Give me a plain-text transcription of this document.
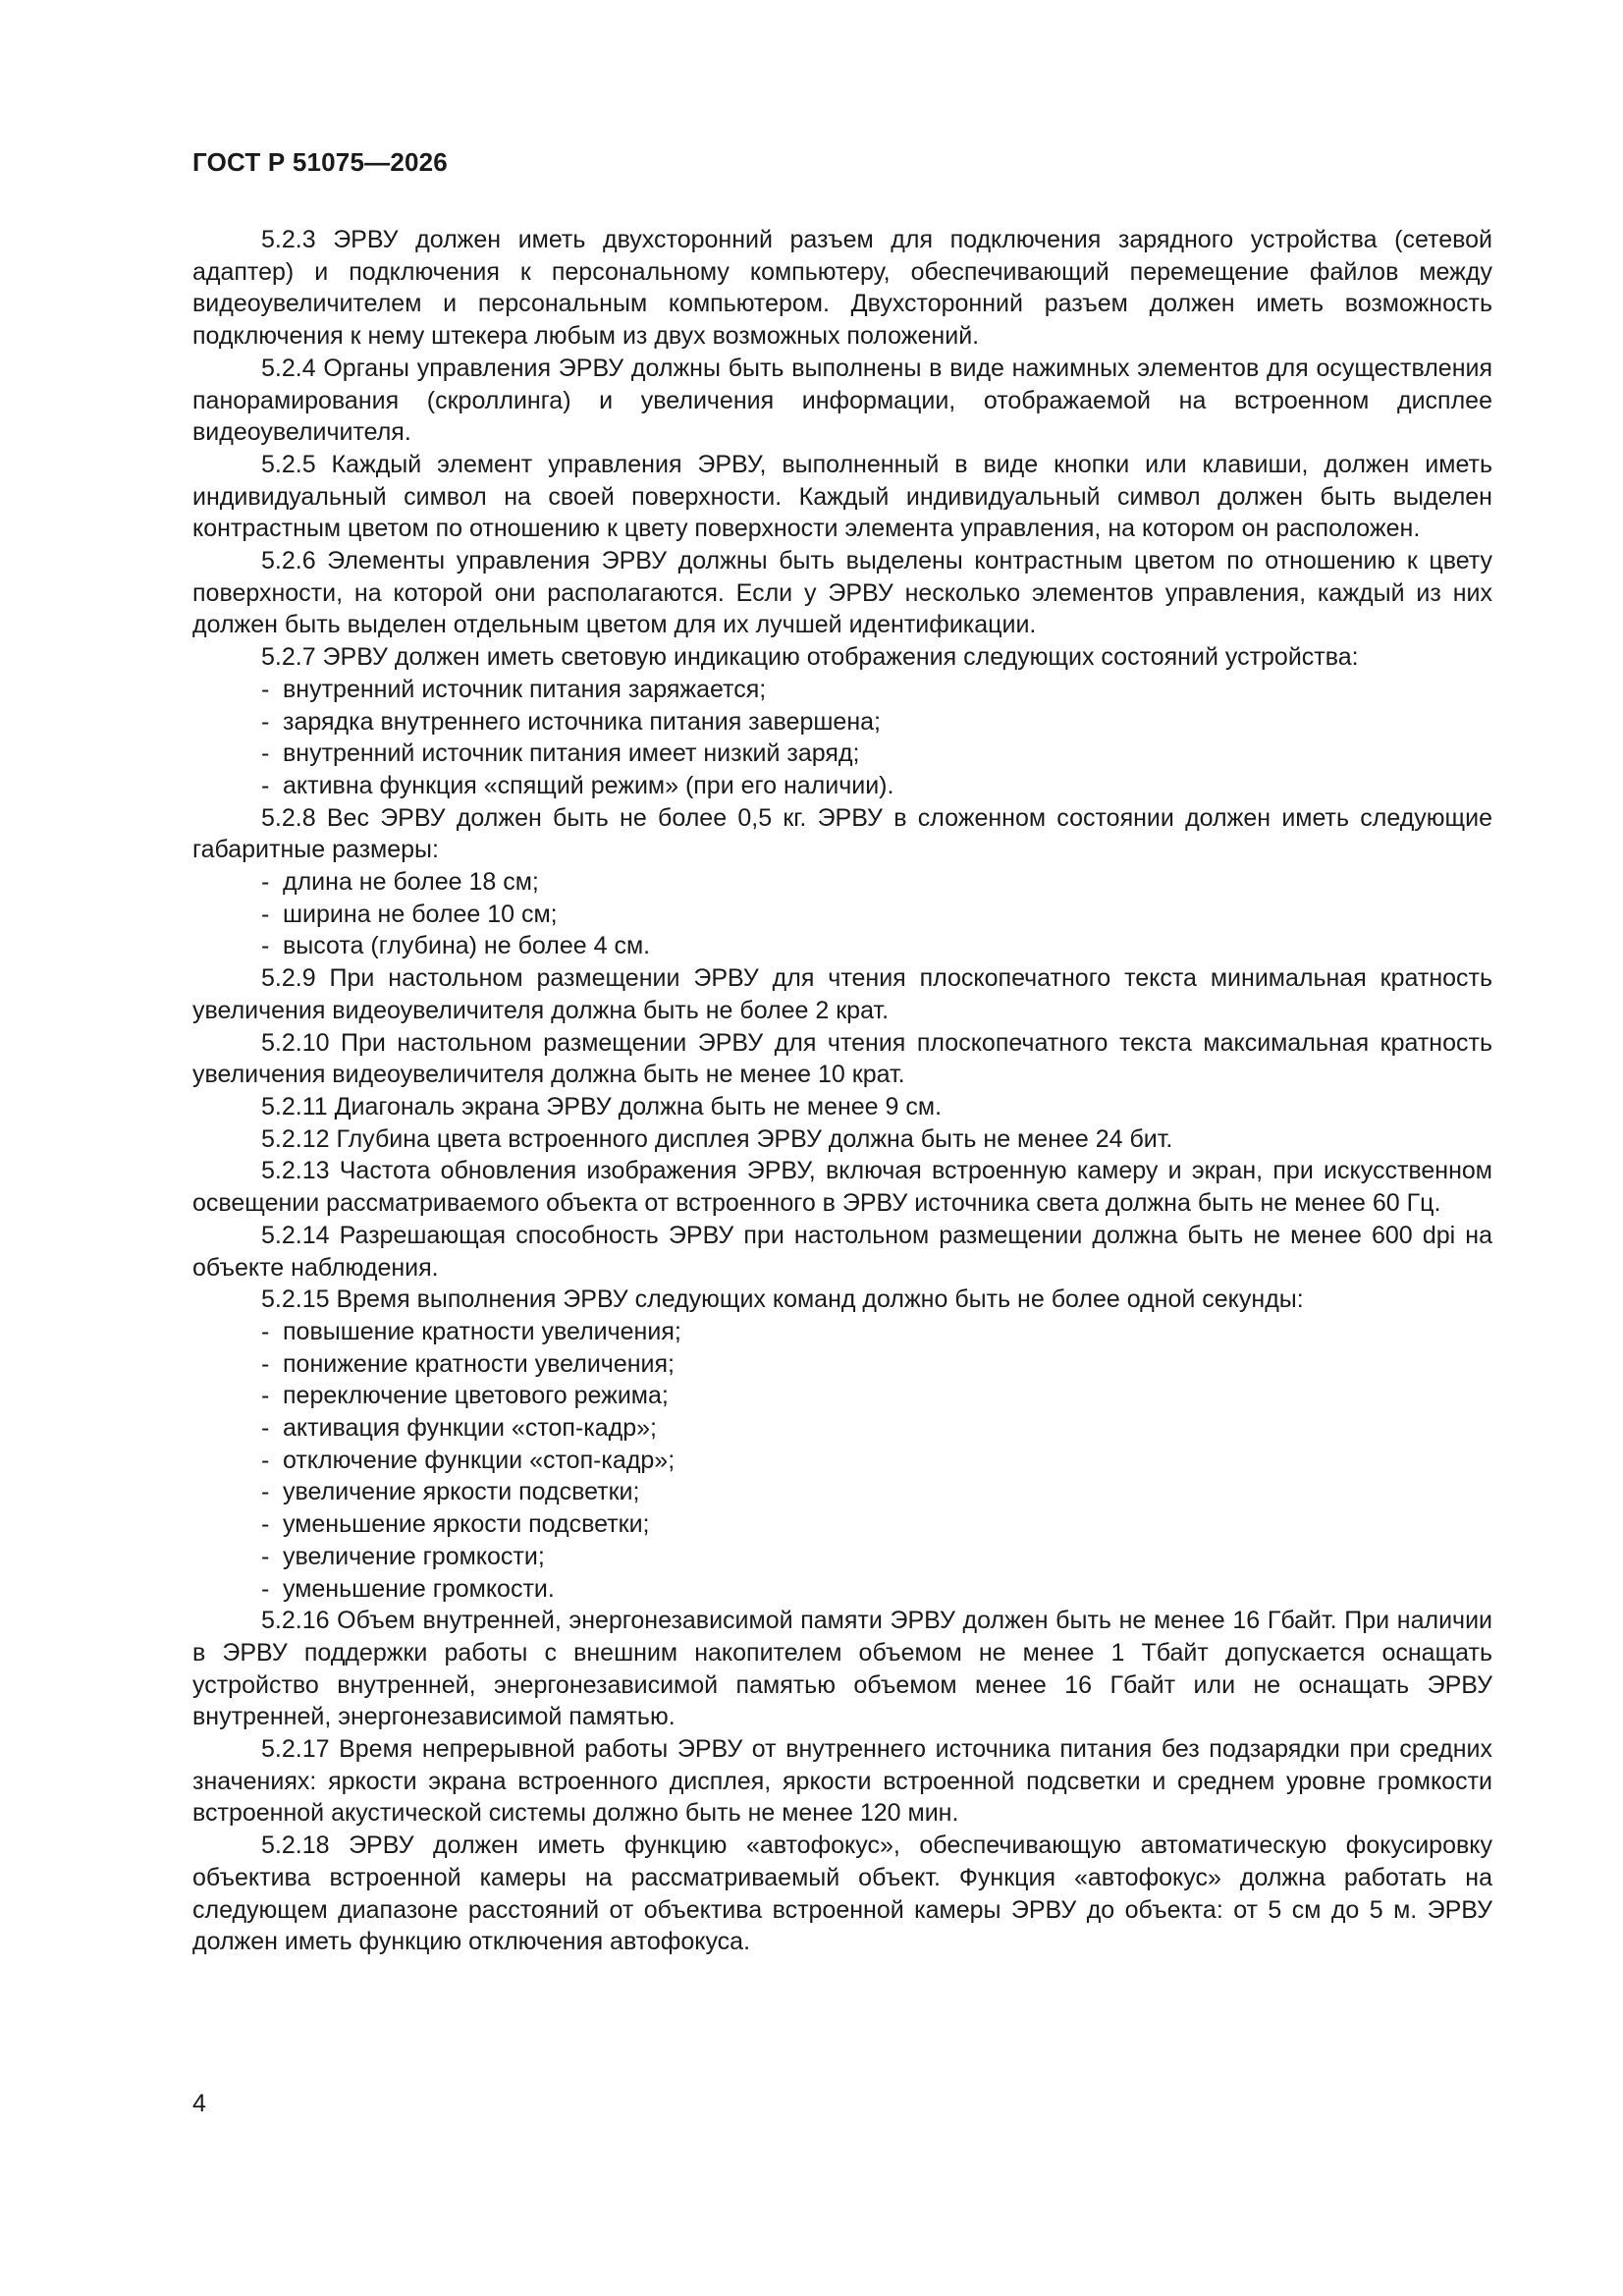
ГОСТ Р 51075—2026
5.2.3 ЭРВУ должен иметь двухсторонний разъем для подключения зарядного устройства (сетевой адаптер) и подключения к персональному компьютеру, обеспечивающий перемещение файлов между видеоувеличителем и персональным компьютером. Двухсторонний разъем должен иметь возможность подключения к нему штекера любым из двух возможных положений.
5.2.4 Органы управления ЭРВУ должны быть выполнены в виде нажимных элементов для осуществления панорамирования (скроллинга) и увеличения информации, отображаемой на встроенном дисплее видеоувеличителя.
5.2.5 Каждый элемент управления ЭРВУ, выполненный в виде кнопки или клавиши, должен иметь индивидуальный символ на своей поверхности. Каждый индивидуальный символ должен быть выделен контрастным цветом по отношению к цвету поверхности элемента управления, на котором он расположен.
5.2.6 Элементы управления ЭРВУ должны быть выделены контрастным цветом по отношению к цвету поверхности, на которой они располагаются. Если у ЭРВУ несколько элементов управления, каждый из них должен быть выделен отдельным цветом для их лучшей идентификации.
5.2.7 ЭРВУ должен иметь световую индикацию отображения следующих состояний устройства:
- внутренний источник питания заряжается;
- зарядка внутреннего источника питания завершена;
- внутренний источник питания имеет низкий заряд;
- активна функция «спящий режим» (при его наличии).
5.2.8 Вес ЭРВУ должен быть не более 0,5 кг. ЭРВУ в сложенном состоянии должен иметь следующие габаритные размеры:
- длина не более 18 см;
- ширина не более 10 см;
- высота (глубина) не более 4 см.
5.2.9 При настольном размещении ЭРВУ для чтения плоскопечатного текста минимальная кратность увеличения видеоувеличителя должна быть не более 2 крат.
5.2.10 При настольном размещении ЭРВУ для чтения плоскопечатного текста максимальная кратность увеличения видеоувеличителя должна быть не менее 10 крат.
5.2.11 Диагональ экрана ЭРВУ должна быть не менее 9 см.
5.2.12 Глубина цвета встроенного дисплея ЭРВУ должна быть не менее 24 бит.
5.2.13 Частота обновления изображения ЭРВУ, включая встроенную камеру и экран, при искусственном освещении рассматриваемого объекта от встроенного в ЭРВУ источника света должна быть не менее 60 Гц.
5.2.14 Разрешающая способность ЭРВУ при настольном размещении должна быть не менее 600 dpi на объекте наблюдения.
5.2.15 Время выполнения ЭРВУ следующих команд должно быть не более одной секунды:
- повышение кратности увеличения;
- понижение кратности увеличения;
- переключение цветового режима;
- активация функции «стоп-кадр»;
- отключение функции «стоп-кадр»;
- увеличение яркости подсветки;
- уменьшение яркости подсветки;
- увеличение громкости;
- уменьшение громкости.
5.2.16 Объем внутренней, энергонезависимой памяти ЭРВУ должен быть не менее 16 Гбайт. При наличии в ЭРВУ поддержки работы с внешним накопителем объемом не менее 1 Тбайт допускается оснащать устройство внутренней, энергонезависимой памятью объемом менее 16 Гбайт или не оснащать ЭРВУ внутренней, энергонезависимой памятью.
5.2.17 Время непрерывной работы ЭРВУ от внутреннего источника питания без подзарядки при средних значениях: яркости экрана встроенного дисплея, яркости встроенной подсветки и среднем уровне громкости встроенной акустической системы должно быть не менее 120 мин.
5.2.18 ЭРВУ должен иметь функцию «автофокус», обеспечивающую автоматическую фокусировку объектива встроенной камеры на рассматриваемый объект. Функция «автофокус» должна работать на следующем диапазоне расстояний от объектива встроенной камеры ЭРВУ до объекта: от 5 см до 5 м. ЭРВУ должен иметь функцию отключения автофокуса.
4
